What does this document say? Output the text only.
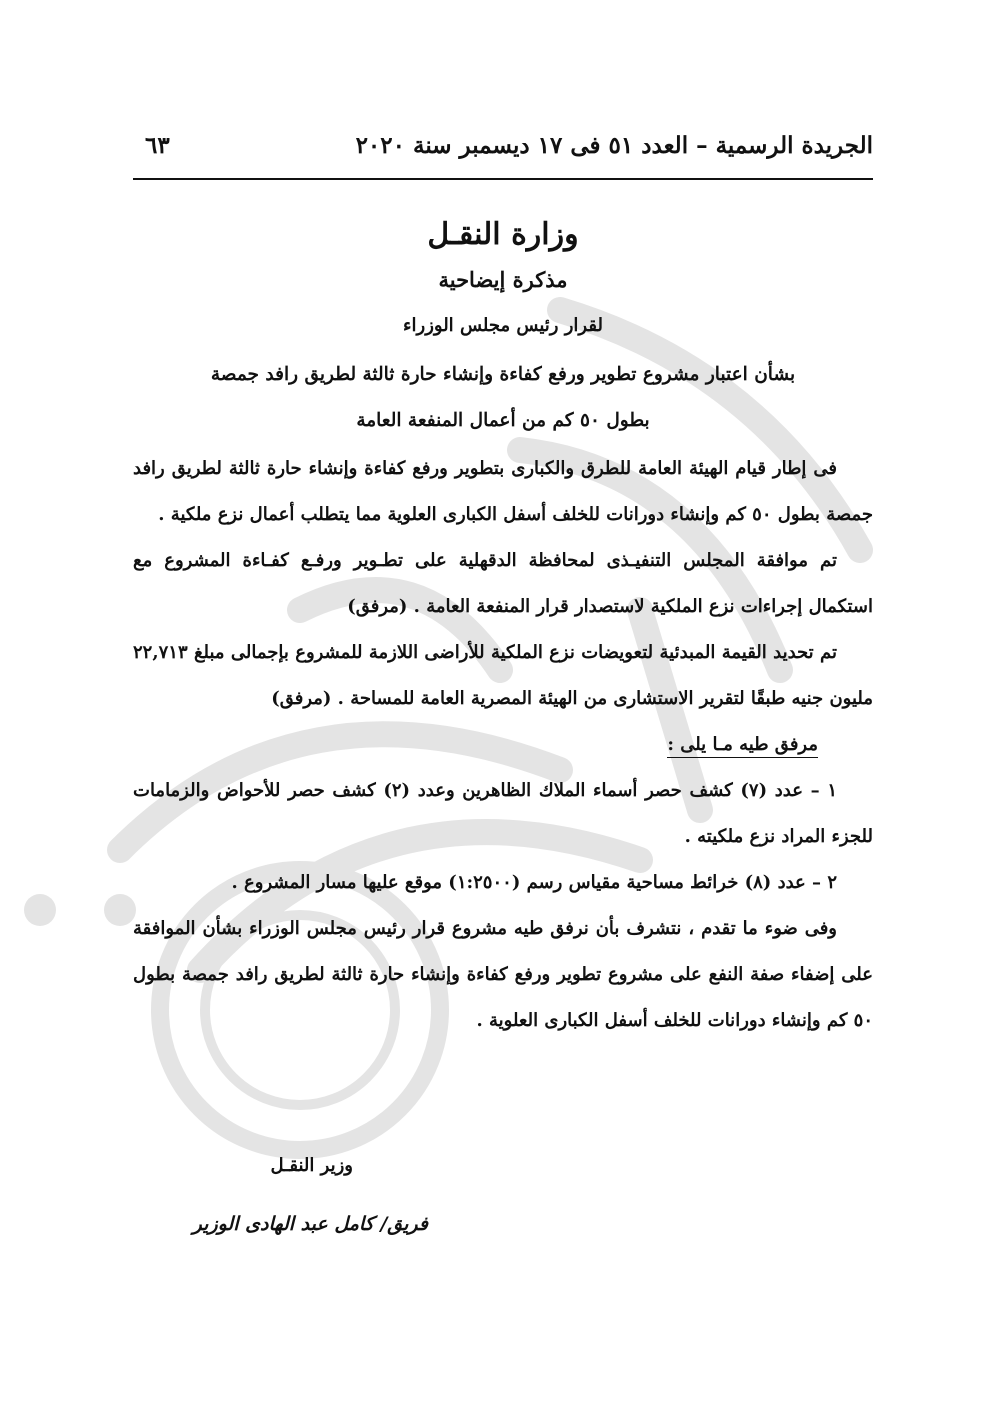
الجريدة الرسمية – العدد ٥١ فى ١٧ ديسمبر سنة ٢٠٢٠
٦٣
وزارة النقـل
مذكرة إيضاحية
لقرار رئيس مجلس الوزراء
بشأن اعتبار مشروع تطوير ورفع كفاءة وإنشاء حارة ثالثة لطريق رافد جمصة
بطول ٥٠ كم من أعمال المنفعة العامة

فى إطار قيام الهيئة العامة للطرق والكبارى بتطوير ورفع كفاءة وإنشاء حارة ثالثة لطريق رافد جمصة بطول ٥٠ كم وإنشاء دورانات للخلف أسفل الكبارى العلوية مما يتطلب أعمال نزع ملكية .

تم موافقة المجلس التنفيـذى لمحافظة الدقهلية على تطـوير ورفـع كفـاءة المشروع مع استكمال إجراءات نزع الملكية لاستصدار قرار المنفعة العامة . (مرفق)

تم تحديد القيمة المبدئية لتعويضات نزع الملكية للأراضى اللازمة للمشروع بإجمالى مبلغ ٢٢,٧١٣ مليون جنيه طبقًا لتقرير الاستشارى من الهيئة المصرية العامة للمساحة . (مرفق)

مرفق طيه مـا يلى :

١ – عدد (٧) كشف حصر أسماء الملاك الظاهرين وعدد (٢) كشف حصر للأحواض والزمامات للجزء المراد نزع ملكيته .

٢ – عدد (٨) خرائط مساحية مقياس رسم (١:٢٥٠٠) موقع عليها مسار المشروع .

وفى ضوء ما تقدم ، نتشرف بأن نرفق طيه مشروع قرار رئيس مجلس الوزراء بشأن الموافقة على إضفاء صفة النفع على مشروع تطوير ورفع كفاءة وإنشاء حارة ثالثة لطريق رافد جمصة بطول ٥٠ كم وإنشاء دورانات للخلف أسفل الكبارى العلوية .

وزير النقـل
فريق/ كامل عبد الهادى الوزير
